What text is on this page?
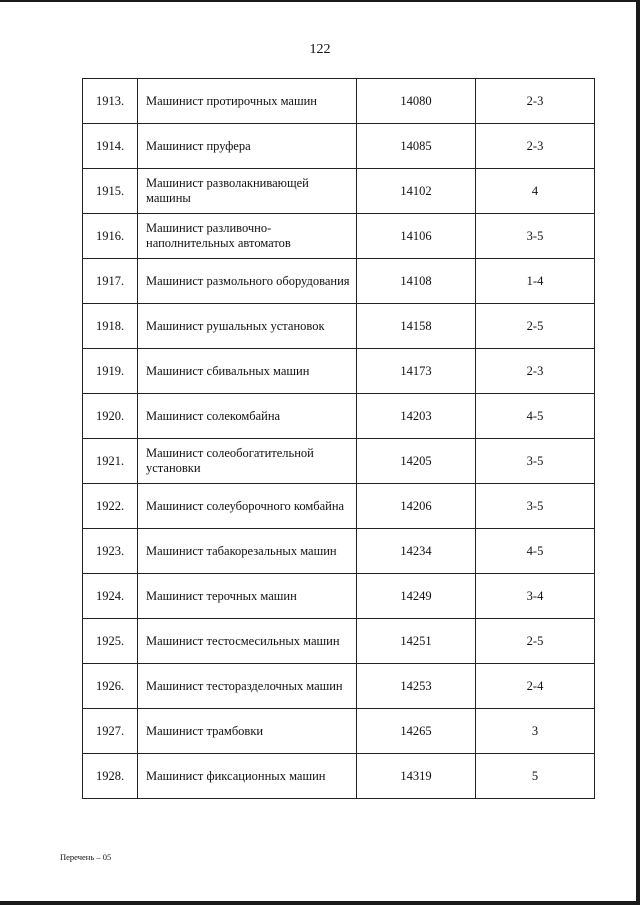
122
1913.	Машинист протирочных машин	14080	2-3
1914.	Машинист пруфера	14085	2-3
1915.	Машинист разволакнивающей машины	14102	4
1916.	Машинист разливочно-наполнительных автоматов	14106	3-5
1917.	Машинист размольного оборудования	14108	1-4
1918.	Машинист рушальных установок	14158	2-5
1919.	Машинист сбивальных машин	14173	2-3
1920.	Машинист солекомбайна	14203	4-5
1921.	Машинист солеобогатительной установки	14205	3-5
1922.	Машинист солеуборочного комбайна	14206	3-5
1923.	Машинист табакорезальных машин	14234	4-5
1924.	Машинист терочных машин	14249	3-4
1925.	Машинист тестосмесильных машин	14251	2-5
1926.	Машинист тесторазделочных машин	14253	2-4
1927.	Машинист трамбовки	14265	3
1928.	Машинист фиксационных машин	14319	5
Перечень – 05
